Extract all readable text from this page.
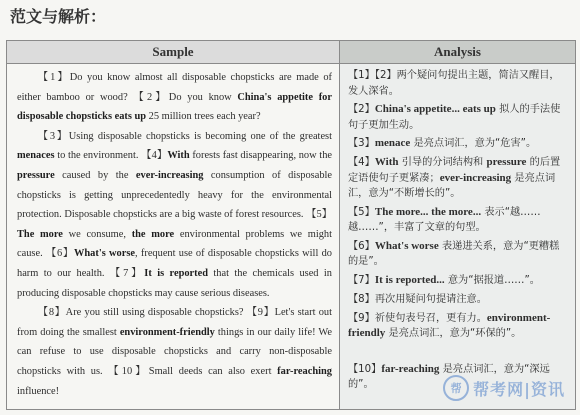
范文与解析：
Sample

【1】Do you know almost all disposable chopsticks are made of either bamboo or wood? 【2】Do you know China's appetite for disposable chopsticks eats up 25 million trees each year?

【3】Using disposable chopsticks is becoming one of the greatest menaces to the environment. 【4】With forests fast disappearing, now the pressure caused by the ever-increasing consumption of disposable chopsticks is getting unprecedentedly heavy for the environmental protection. Disposable chopsticks are a big waste of forest resources. 【5】The more we consume, the more environmental problems we might cause. 【6】What's worse, frequent use of disposable chopsticks will do harm to our health. 【7】It is reported that the chemicals used in producing disposable chopsticks may cause serious diseases.

【8】Are you still using disposable chopsticks? 【9】Let's start out from doing the smallest environment-friendly things in our daily life! We can refuse to use disposable chopsticks and carry non-disposable chopsticks with us. 【10】Small deeds can also exert far-reaching influence!

Analysis
【1】【2】两个疑问句提出主题，简洁又醒目，发人深省。
【2】China's appetite... eats up 拟人的手法使句子更加生动。
【3】menace 是亮点词汇，意为“危害”。
【4】With 引导的分词结构和 pressure 的后置定语使句子更紧凑；ever-increasing 是亮点词汇，意为“不断增长的”。
【5】The more... the more... 表示“越……越……”，丰富了文章的句型。
【6】What's worse 表递进关系，意为“更糟糕的是”。
【7】It is reported... 意为“据报道……”。
【8】再次用疑问句提请注意。
【9】祈使句表号召，更有力。environment-friendly 是亮点词汇，意为“环保的”。
【10】far-reaching 是亮点词汇，意为“深远的”。	帮 帮考网|资讯
